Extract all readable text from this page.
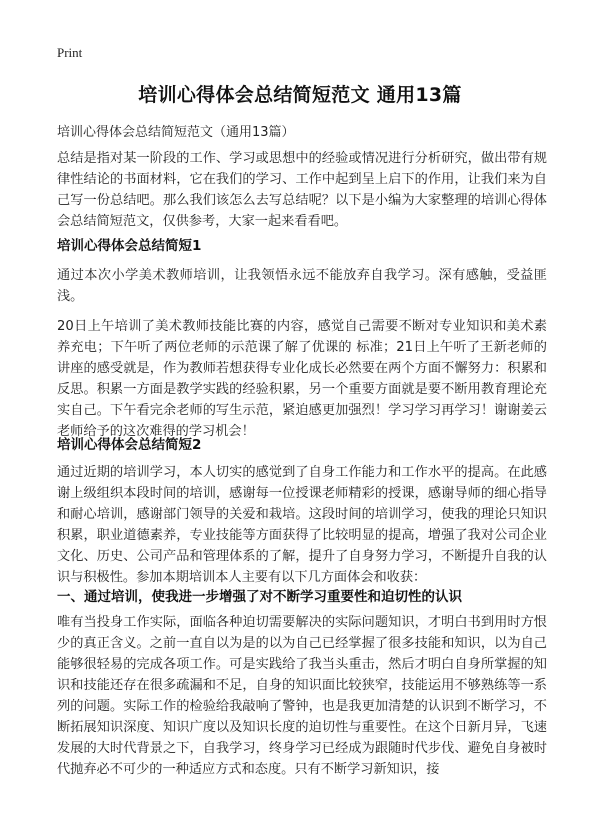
Print
培训心得体会总结简短范文 通用13篇
培训心得体会总结简短范文（通用13篇）

总结是指对某一阶段的工作、学习或思想中的经验或情况进行分析研究，做出带有规律性结论的书面材料，它在我们的学习、工作中起到呈上启下的作用，让我们来为自己写一份总结吧。那么我们该怎么去写总结呢？以下是小编为大家整理的培训心得体会总结简短范文，仅供参考，大家一起来看看吧。

培训心得体会总结简短1

通过本次小学美术教师培训，让我领悟永远不能放弃自我学习。深有感触，受益匪浅。

20日上午培训了美术教师技能比赛的内容，感觉自己需要不断对专业知识和美术素养充电；下午听了两位老师的示范课了解了优课的 标准；21日上午听了王新老师的讲座的感受就是，作为教师若想获得专业化成长必然要在两个方面不懈努力：积累和反思。积累一方面是教学实践的经验积累，另一个重要方面就是要不断用教育理论充实自己。下午看完余老师的写生示范，紧迫感更加强烈！学习学习再学习！谢谢姜云老师给予的这次难得的学习机会！

培训心得体会总结简短2

通过近期的培训学习，本人切实的感觉到了自身工作能力和工作水平的提高。在此感谢上级组织本段时间的培训，感谢每一位授课老师精彩的授课，感谢导师的细心指导和耐心培训，感谢部门领导的关爱和栽培。这段时间的培训学习，使我的理论只知识积累，职业道德素养，专业技能等方面获得了比较明显的提高，增强了我对公司企业文化、历史、公司产品和管理体系的了解，提升了自身努力学习，不断提升自我的认识与积极性。参加本期培训本人主要有以下几方面体会和收获：

一、通过培训，使我进一步增强了对不断学习重要性和迫切性的认识

唯有当投身工作实际，面临各种迫切需要解决的实际问题知识，才明白书到用时方恨少的真正含义。之前一直自以为是的以为自己已经掌握了很多技能和知识，以为自己能够很轻易的完成各项工作。可是实践给了我当头重击，然后才明白自身所掌握的知识和技能还存在很多疏漏和不足，自身的知识面比较狭窄，技能运用不够熟练等一系列的问题。实际工作的检验给我敲响了警钟，也是我更加清楚的认识到不断学习，不断拓展知识深度、知识广度以及知识长度的迫切性与重要性。在这个日新月异，飞速发展的大时代背景之下，自我学习，终身学习已经成为跟随时代步伐、避免自身被时代抛弃必不可少的一种适应方式和态度。只有不断学习新知识，接
